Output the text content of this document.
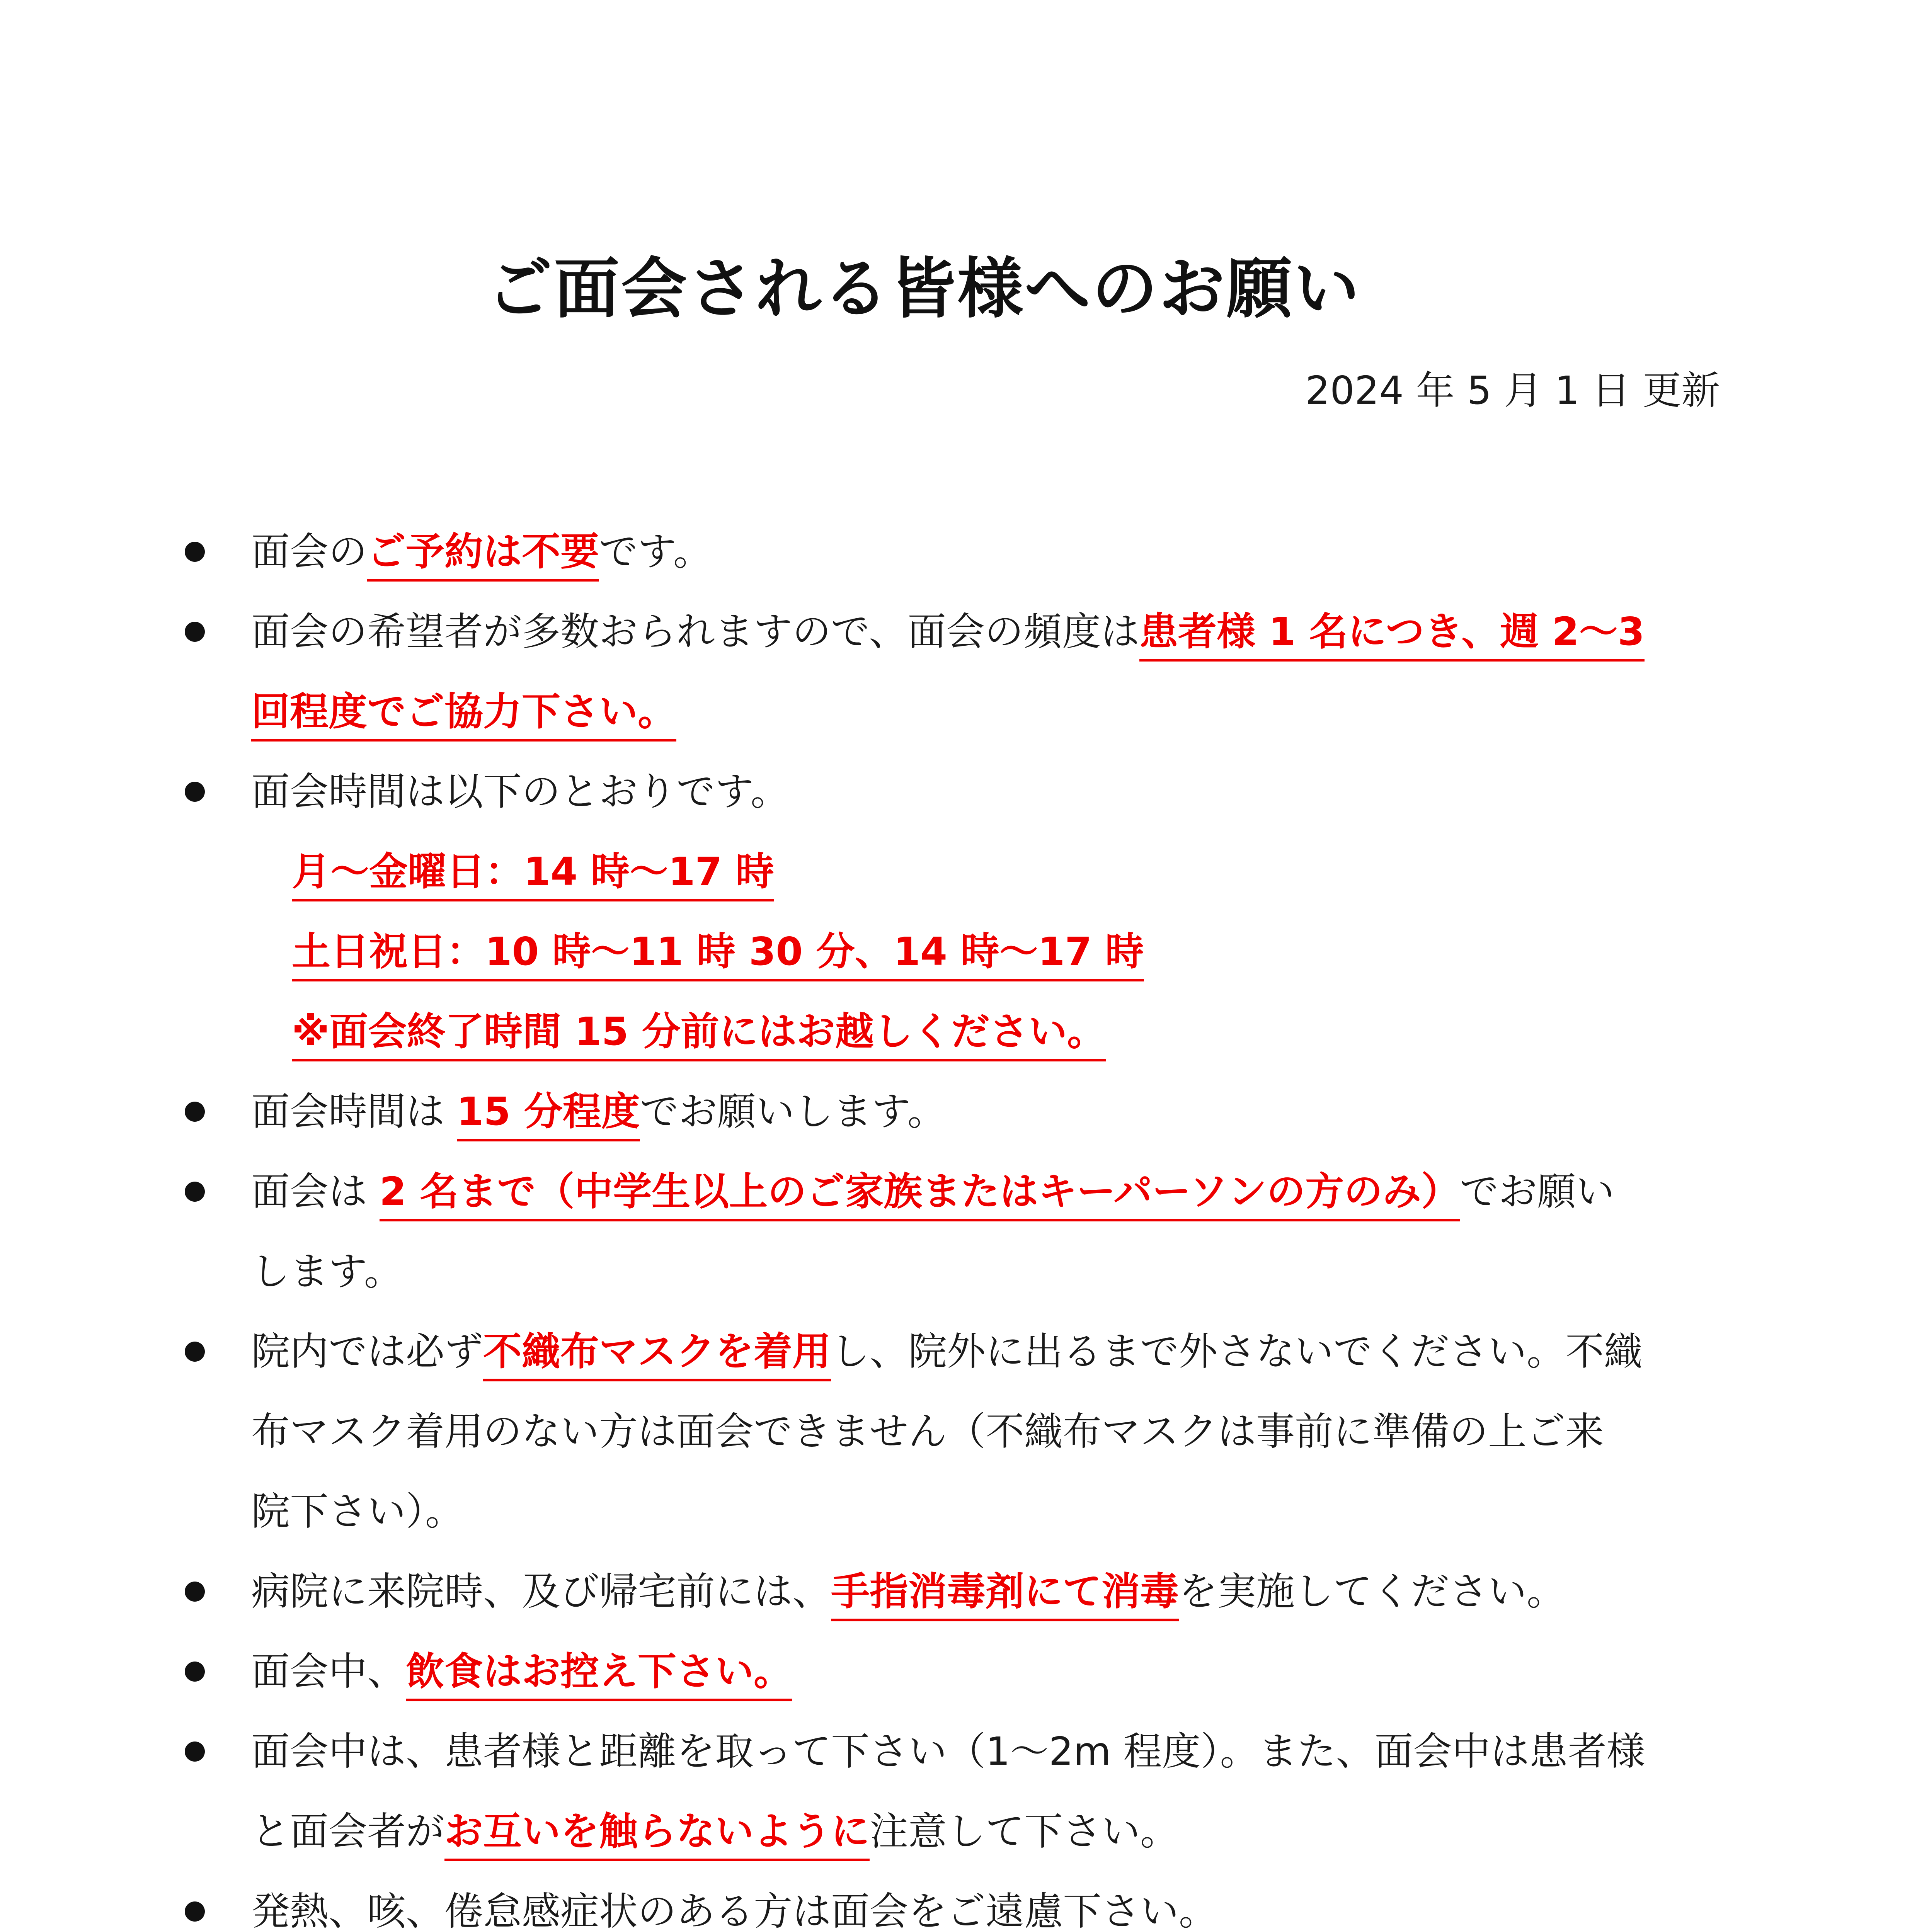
ご面会される皆様へのお願い
2024 年 5 月 1 日 更新
面会のご予約は不要です。
面会の希望者が多数おられますので、面会の頻度は患者様 1 名につき、週 2～3
回程度でご協力下さい。
面会時間は以下のとおりです。
月～金曜日：14 時～17 時
土日祝日：10 時～11 時 30 分、14 時～17 時
※面会終了時間 15 分前にはお越しください。
面会時間は 15 分程度でお願いします。
面会は 2 名まで（中学生以上のご家族またはキーパーソンの方のみ）でお願い
します。
院内では必ず不織布マスクを着用し、院外に出るまで外さないでください。不織
布マスク着用のない方は面会できません（不織布マスクは事前に準備の上ご来
院下さい）。
病院に来院時、及び帰宅前には、手指消毒剤にて消毒を実施してください。
面会中、飲食はお控え下さい。
面会中は、患者様と距離を取って下さい（1～2m 程度）。また、面会中は患者様
と面会者がお互いを触らないように注意して下さい。
発熱、咳、倦怠感症状のある方は面会をご遠慮下さい。
